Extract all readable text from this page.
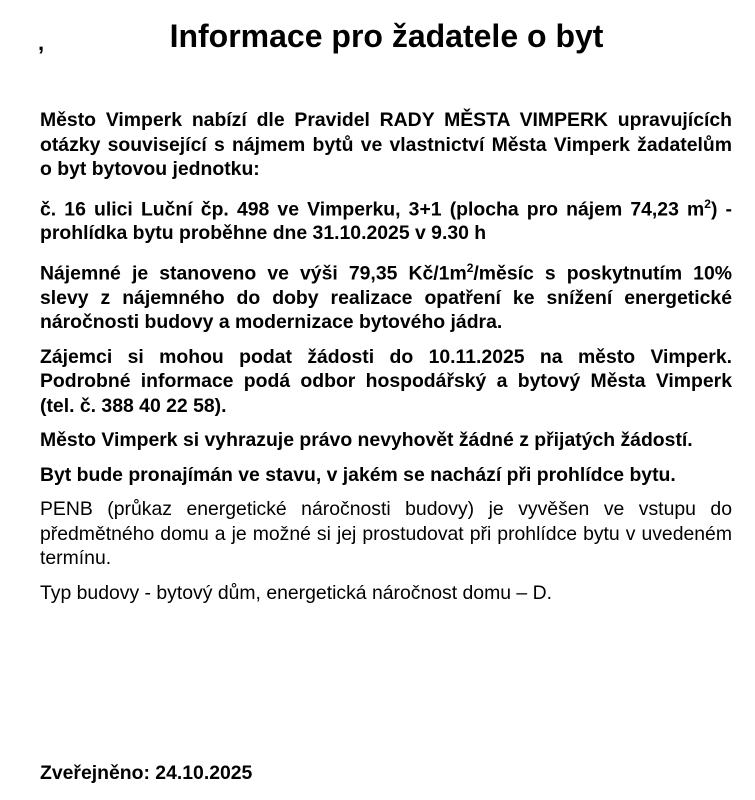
,	Informace pro žadatele o byt

Město Vimperk nabízí dle Pravidel RADY MĚSTA VIMPERK upravujících otázky související s nájmem bytů ve vlastnictví Města Vimperk žadatelům o byt bytovou jednotku:

č. 16 ulici Luční čp. 498 ve Vimperku, 3+1 (plocha pro nájem 74,23 $m^2$) - prohlídka bytu proběhne dne 31.10.2025 v 9.30 h

Nájemné je stanoveno ve výši 79,35 $Kč/1m^2$/měsíc s poskytnutím 10% slevy z nájemného do doby realizace opatření ke snížení energetické náročnosti budovy a modernizace bytového jádra.

Zájemci si mohou podat žádosti do 10.11.2025 na město Vimperk. Podrobné informace podá odbor hospodářský a bytový Města Vimperk (tel. č. 388 40 22 58).

Město Vimperk si vyhrazuje právo nevyhovět žádné z přijatých žádostí.

Byt bude pronajímán ve stavu, v jakém se nachází při prohlídce bytu.

PENB (průkaz energetické náročnosti budovy) je vyvěšen ve vstupu do předmětného domu a je možné si jej prostudovat při prohlídce bytu v uvedeném termínu.

Typ budovy - bytový dům, energetická náročnost domu – D.

Zveřejněno: 24.10.2025
